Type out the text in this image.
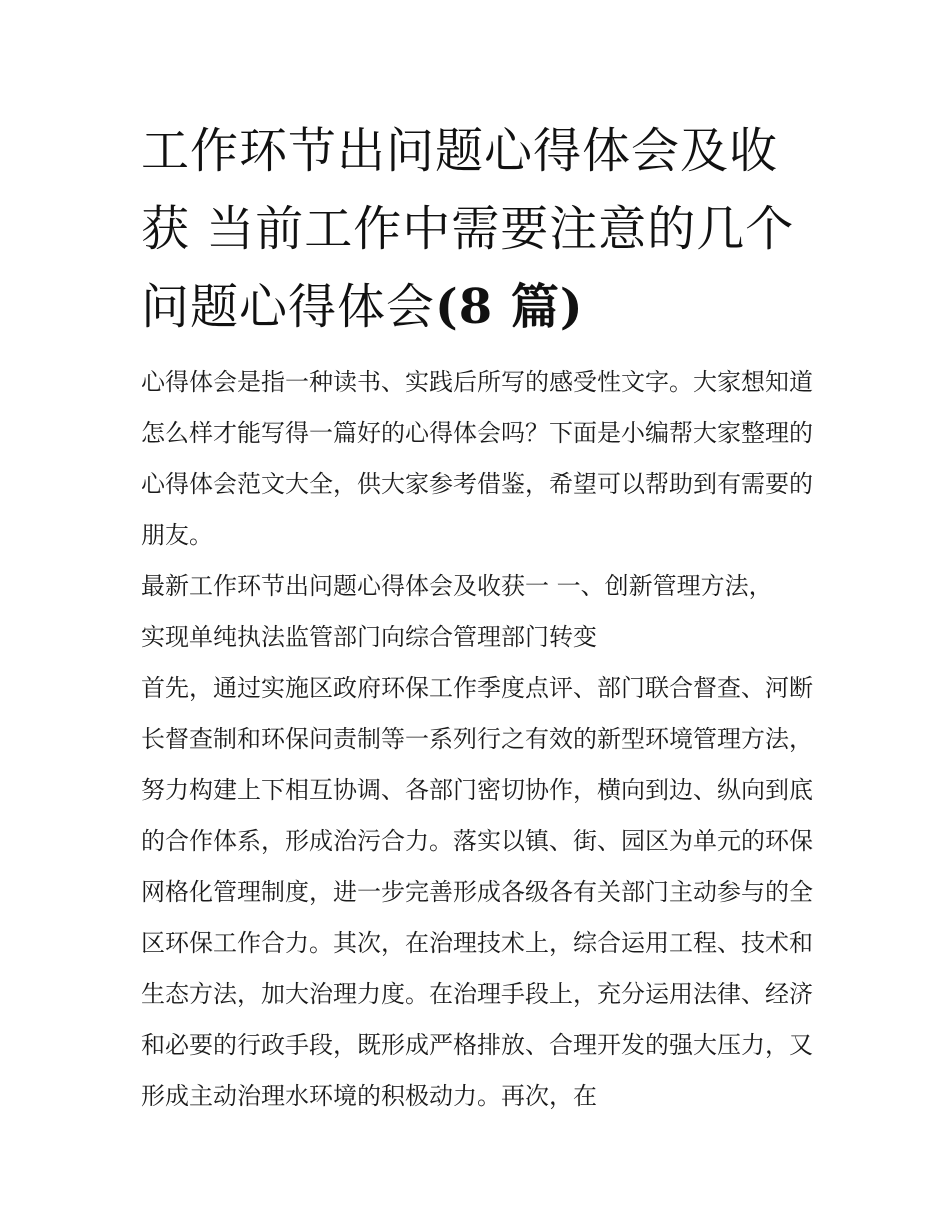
工作环节出问题心得体会及收获 当前工作中需要注意的几个问题心得体会(8 篇)

心得体会是指一种读书、实践后所写的感受性文字。大家想知道怎么样才能写得一篇好的心得体会吗？下面是小编帮大家整理的心得体会范文大全，供大家参考借鉴，希望可以帮助到有需要的朋友。

最新工作环节出问题心得体会及收获一 一、创新管理方法，

实现单纯执法监管部门向综合管理部门转变

首先，通过实施区政府环保工作季度点评、部门联合督查、河断长督查制和环保问责制等一系列行之有效的新型环境管理方法，努力构建上下相互协调、各部门密切协作，横向到边、纵向到底的合作体系，形成治污合力。落实以镇、街、园区为单元的环保网格化管理制度，进一步完善形成各级各有关部门主动参与的全区环保工作合力。其次，在治理技术上，综合运用工程、技术和生态方法，加大治理力度。在治理手段上，充分运用法律、经济和必要的行政手段，既形成严格排放、合理开发的强大压力，又形成主动治理水环境的积极动力。再次，在
